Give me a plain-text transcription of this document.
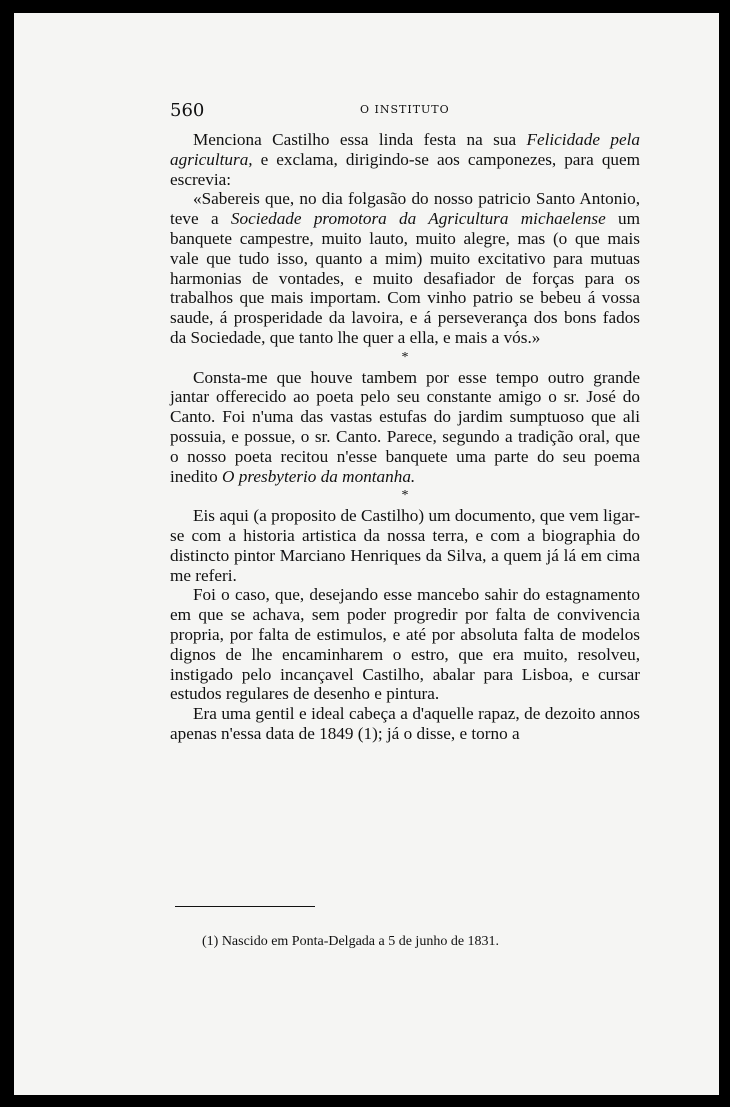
560	O INSTITUTO

Menciona Castilho essa linda festa na sua Felicidade pela agricultura, e exclama, dirigindo-se aos camponezes, para quem escrevia:

«Sabereis que, no dia folgasão do nosso patricio Santo Antonio, teve a Sociedade promotora da Agricultura michaelense um banquete campestre, muito lauto, muito alegre, mas (o que mais vale que tudo isso, quanto a mim) muito excitativo para mutuas harmonias de vontades, e muito desafiador de forças para os trabalhos que mais importam. Com vinho patrio se bebeu á vossa saude, á prosperidade da lavoira, e á perseverança dos bons fados da Sociedade, que tanto lhe quer a ella, e mais a vós.»

*

Consta-me que houve tambem por esse tempo outro grande jantar offerecido ao poeta pelo seu constante amigo o sr. José do Canto. Foi n'uma das vastas estufas do jardim sumptuoso que ali possuia, e possue, o sr. Canto. Parece, segundo a tradição oral, que o nosso poeta recitou n'esse banquete uma parte do seu poema inedito O presbyterio da montanha.

*

Eis aqui (a proposito de Castilho) um documento, que vem ligar-se com a historia artistica da nossa terra, e com a biographia do distincto pintor Marciano Henriques da Silva, a quem já lá em cima me referi.

Foi o caso, que, desejando esse mancebo sahir do estagnamento em que se achava, sem poder progredir por falta de convivencia propria, por falta de estimulos, e até por absoluta falta de modelos dignos de lhe encaminharem o estro, que era muito, resolveu, instigado pelo incançavel Castilho, abalar para Lisboa, e cursar estudos regulares de desenho e pintura.

Era uma gentil e ideal cabeça a d'aquelle rapaz, de dezoito annos apenas n'essa data de 1849 (1); já o disse, e torno a

(1) Nascido em Ponta-Delgada a 5 de junho de 1831.
